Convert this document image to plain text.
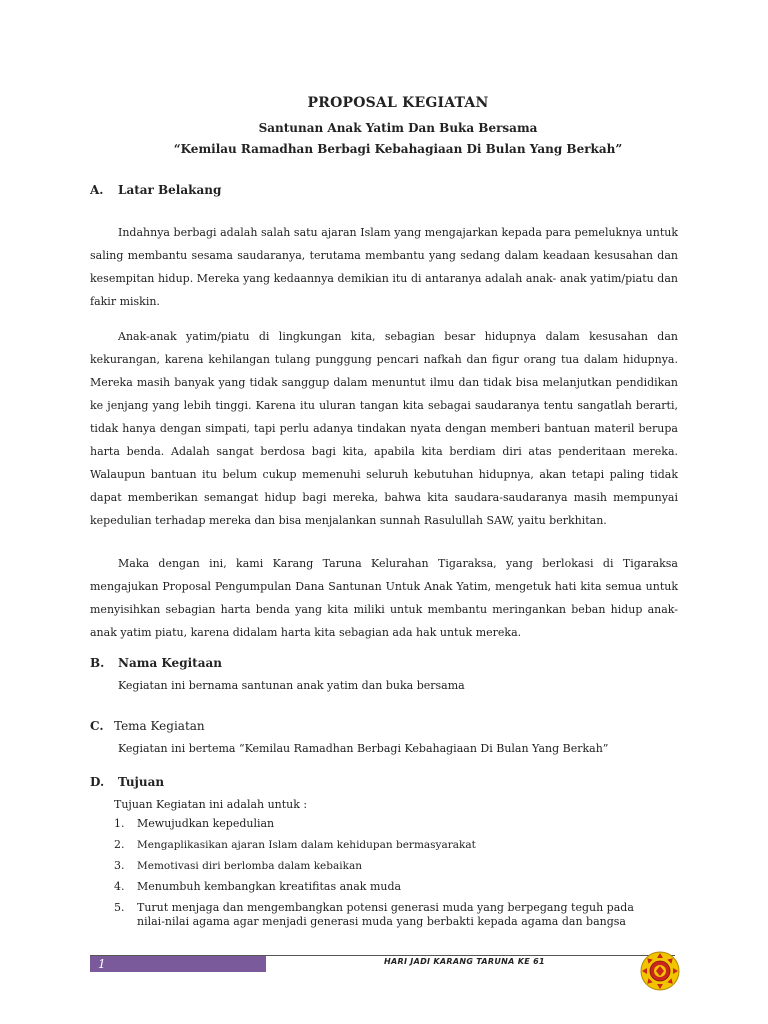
PROPOSAL KEGIATAN
Santunan Anak Yatim Dan Buka Bersama
“Kemilau Ramadhan Berbagi Kebahagiaan Di Bulan Yang Berkah”
A. Latar Belakang

Indahnya berbagi adalah salah satu ajaran Islam yang mengajarkan kepada para pemeluknya untuk saling membantu sesama saudaranya, terutama membantu yang sedang dalam keadaan kesusahan dan kesempitan hidup. Mereka yang kedaannya demikian itu di antaranya adalah anak- anak yatim/piatu dan fakir miskin.

Anak-anak yatim/piatu di lingkungan kita, sebagian besar hidupnya dalam kesusahan dan kekurangan, karena kehilangan tulang punggung pencari nafkah dan figur orang tua dalam hidupnya. Mereka masih banyak yang tidak sanggup dalam menuntut ilmu dan tidak bisa melanjutkan pendidikan ke jenjang yang lebih tinggi. Karena itu uluran tangan kita sebagai saudaranya tentu sangatlah berarti, tidak hanya dengan simpati, tapi perlu adanya tindakan nyata dengan memberi bantuan materil berupa harta benda. Adalah sangat berdosa bagi kita, apabila kita berdiam diri atas penderitaan mereka. Walaupun bantuan itu belum cukup memenuhi seluruh kebutuhan hidupnya, akan tetapi paling tidak dapat memberikan semangat hidup bagi mereka, bahwa kita saudara-saudaranya masih mempunyai kepedulian terhadap mereka dan bisa menjalankan sunnah Rasulullah SAW, yaitu berkhitan.

Maka dengan ini, kami Karang Taruna Kelurahan Tigaraksa, yang berlokasi di Tigaraksa mengajukan Proposal Pengumpulan Dana Santunan Untuk Anak Yatim, mengetuk hati kita semua untuk menyisihkan sebagian harta benda yang kita miliki untuk membantu meringankan beban hidup anak-anak yatim piatu, karena didalam harta kita sebagian ada hak untuk mereka.

B. Nama Kegitaan

Kegiatan ini bernama santunan anak yatim dan buka bersama

C. Tema Kegiatan

Kegiatan ini bertema “Kemilau Ramadhan Berbagi Kebahagiaan Di Bulan Yang Berkah”

D. Tujuan

Tujuan Kegiatan ini adalah untuk :

1.	Mewujudkan kepedulian
2.	Mengaplikasikan ajaran Islam dalam kehidupan bermasyarakat
3.	Memotivasi diri berlomba dalam kebaikan
4.	Menumbuh kembangkan kreatifitas anak muda
5.	Turut menjaga dan mengembangkan potensi generasi muda yang berpegang teguh pada nilai-nilai agama agar menjadi generasi muda yang berbakti kepada agama dan bangsa
1	HARI JADI KARANG TARUNA KE 61
